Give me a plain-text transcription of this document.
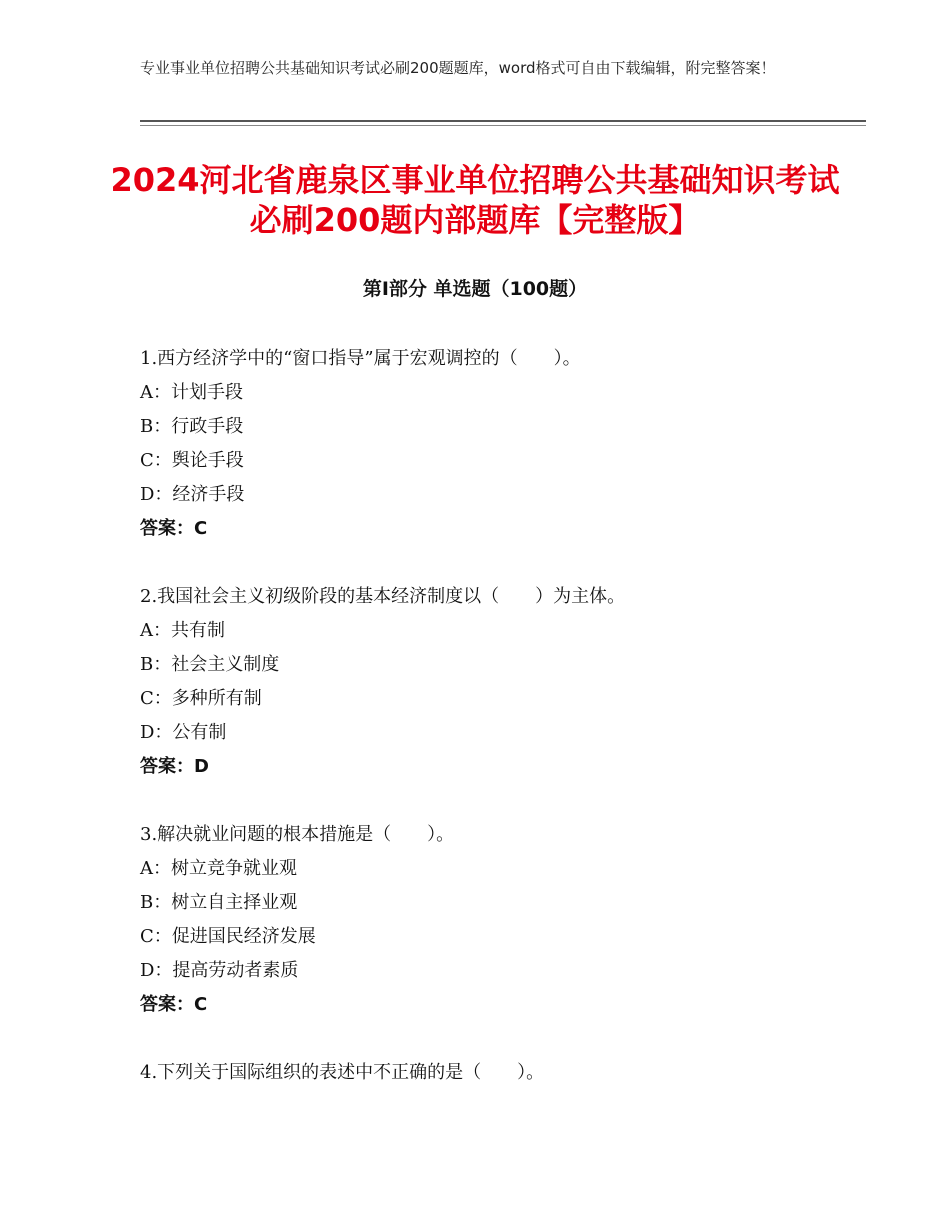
专业事业单位招聘公共基础知识考试必刷200题题库，word格式可自由下载编辑，附完整答案！
2024河北省鹿泉区事业单位招聘公共基础知识考试必刷200题内部题库【完整版】
第Ⅰ部分 单选题（100题）
1.西方经济学中的“窗口指导”属于宏观调控的（　　）。
A：计划手段
B：行政手段
C：舆论手段
D：经济手段
答案：C
2.我国社会主义初级阶段的基本经济制度以（　　）为主体。
A：共有制
B：社会主义制度
C：多种所有制
D：公有制
答案：D
3.解决就业问题的根本措施是（　　）。
A：树立竞争就业观
B：树立自主择业观
C：促进国民经济发展
D：提高劳动者素质
答案：C
4.下列关于国际组织的表述中不正确的是（　　）。
